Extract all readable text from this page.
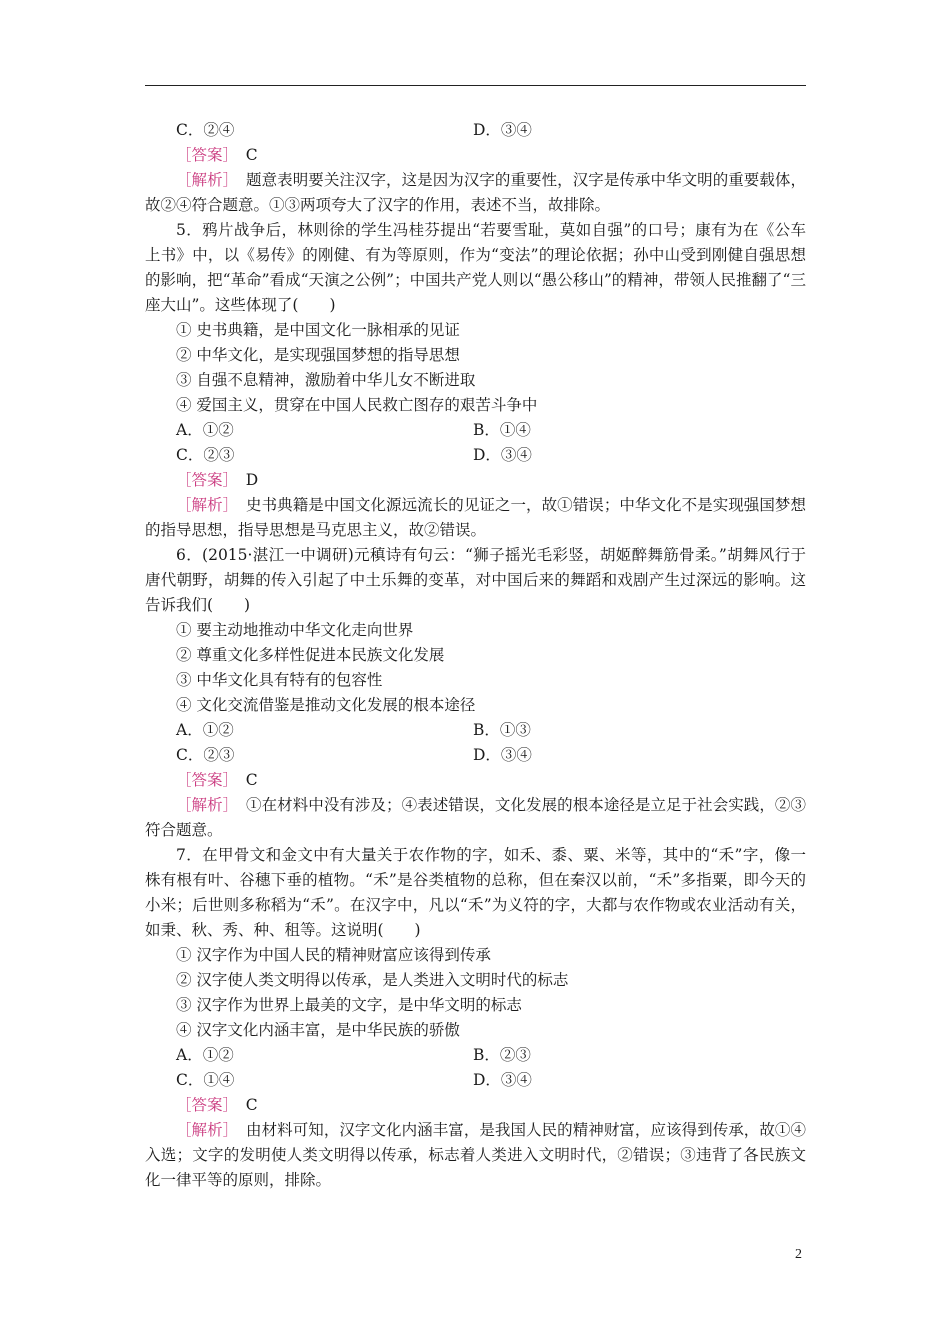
C．②④	D．③④
［答案］　 C
［解析］　 题意表明要关注汉字，这是因为汉字的重要性，汉字是传承中华文明的重要载体，故②④符合题意。①③两项夸大了汉字的作用，表述不当，故排除。
5．鸦片战争后，林则徐的学生冯桂芬提出“若要雪耻，莫如自强”的口号；康有为在《公车上书》中，以《易传》的刚健、有为等原则，作为“变法”的理论依据；孙中山受到刚健自强思想的影响，把“革命”看成“天演之公例”；中国共产党人则以“愚公移山”的精神，带领人民推翻了“三座大山”。这些体现了(　　)
① 史书典籍，是中国文化一脉相承的见证
② 中华文化，是实现强国梦想的指导思想
③ 自强不息精神，激励着中华儿女不断进取
④ 爱国主义，贯穿在中国人民救亡图存的艰苦斗争中
A．①②	B．①④
C．②③	D．③④
［答案］　 D
［解析］　 史书典籍是中国文化源远流长的见证之一，故①错误；中华文化不是实现强国梦想的指导思想，指导思想是马克思主义，故②错误。
6．(2015·湛江一中调研)元稹诗有句云：“狮子摇光毛彩竖，胡姬醉舞筋骨柔。”胡舞风行于唐代朝野，胡舞的传入引起了中土乐舞的变革，对中国后来的舞蹈和戏剧产生过深远的影响。这告诉我们(　　)
① 要主动地推动中华文化走向世界
② 尊重文化多样性促进本民族文化发展
③ 中华文化具有特有的包容性
④ 文化交流借鉴是推动文化发展的根本途径
A．①②	B．①③
C．②③	D．③④
［答案］　 C
［解析］　 ①在材料中没有涉及；④表述错误，文化发展的根本途径是立足于社会实践，②③符合题意。
7．在甲骨文和金文中有大量关于农作物的字，如禾、黍、粟、米等，其中的“禾”字，像一株有根有叶、谷穗下垂的植物。“禾”是谷类植物的总称，但在秦汉以前，“禾”多指粟，即今天的小米；后世则多称稻为“禾”。在汉字中，凡以“禾”为义符的字，大都与农作物或农业活动有关，如秉、秋、秀、种、租等。这说明(　　)
① 汉字作为中国人民的精神财富应该得到传承
② 汉字使人类文明得以传承，是人类进入文明时代的标志
③ 汉字作为世界上最美的文字，是中华文明的标志
④ 汉字文化内涵丰富，是中华民族的骄傲
A．①②	B．②③
C．①④	D．③④
［答案］　 C
［解析］　 由材料可知，汉字文化内涵丰富，是我国人民的精神财富，应该得到传承，故①④入选；文字的发明使人类文明得以传承，标志着人类进入文明时代，②错误；③违背了各民族文化一律平等的原则，排除。
2
